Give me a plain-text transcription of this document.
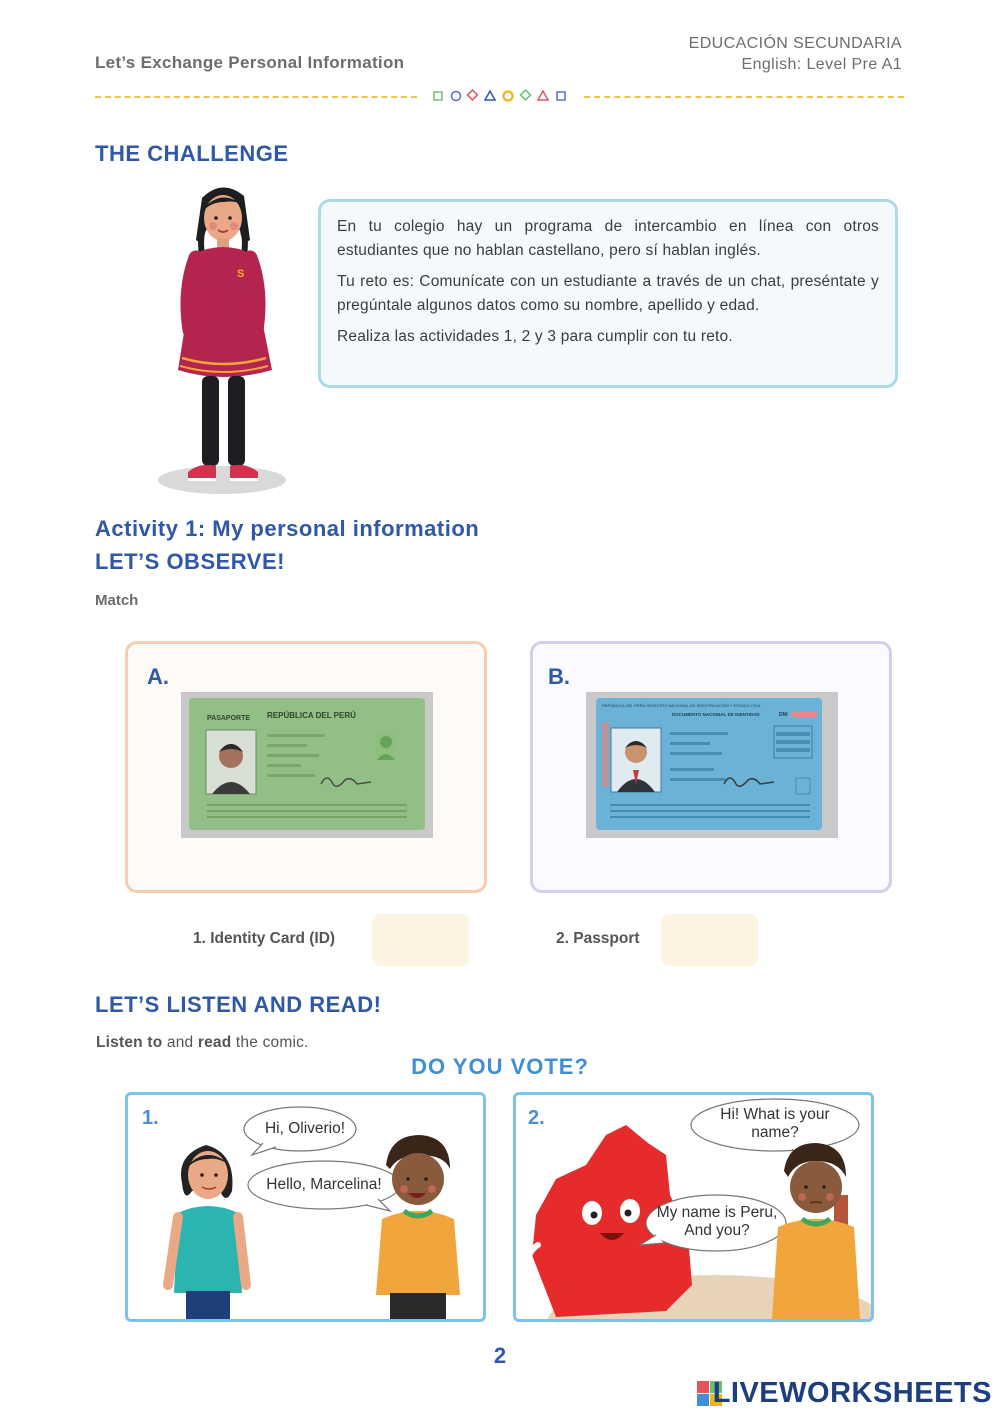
Let’s Exchange Personal Information
EDUCACIÓN SECUNDARIA
English: Level Pre A1
THE CHALLENGE
S

En tu colegio hay un programa de intercambio en línea con otros estudiantes que no hablan castellano, pero sí hablan inglés.

Tu reto es: Comunícate con un estudiante a través de un chat, preséntate y pregúntale algunos datos como su nombre, apellido y edad.

Realiza las actividades 1, 2 y 3 para cumplir con tu reto.

Activity 1: My personal information
LET’S OBSERVE!
Match
A.
PASAPORTE REPÚBLICA DEL PERÚ
B.
REPÚBLICA DEL PERÚ REGISTRO NACIONAL DE IDENTIFICACIÓN Y ESTADO CIVIL
DOCUMENTO NACIONAL DE IDENTIDAD	DNI
1. Identity Card (ID)	2. Passport
LET’S LISTEN AND READ!
Listen to and read the comic.
DO YOU VOTE?
1.	Hi, Oliverio!
Hello, Marcelina!
2.	Hi! What is your name?
My name is Peru, And you?
2
LIVEWORKSHEETS
